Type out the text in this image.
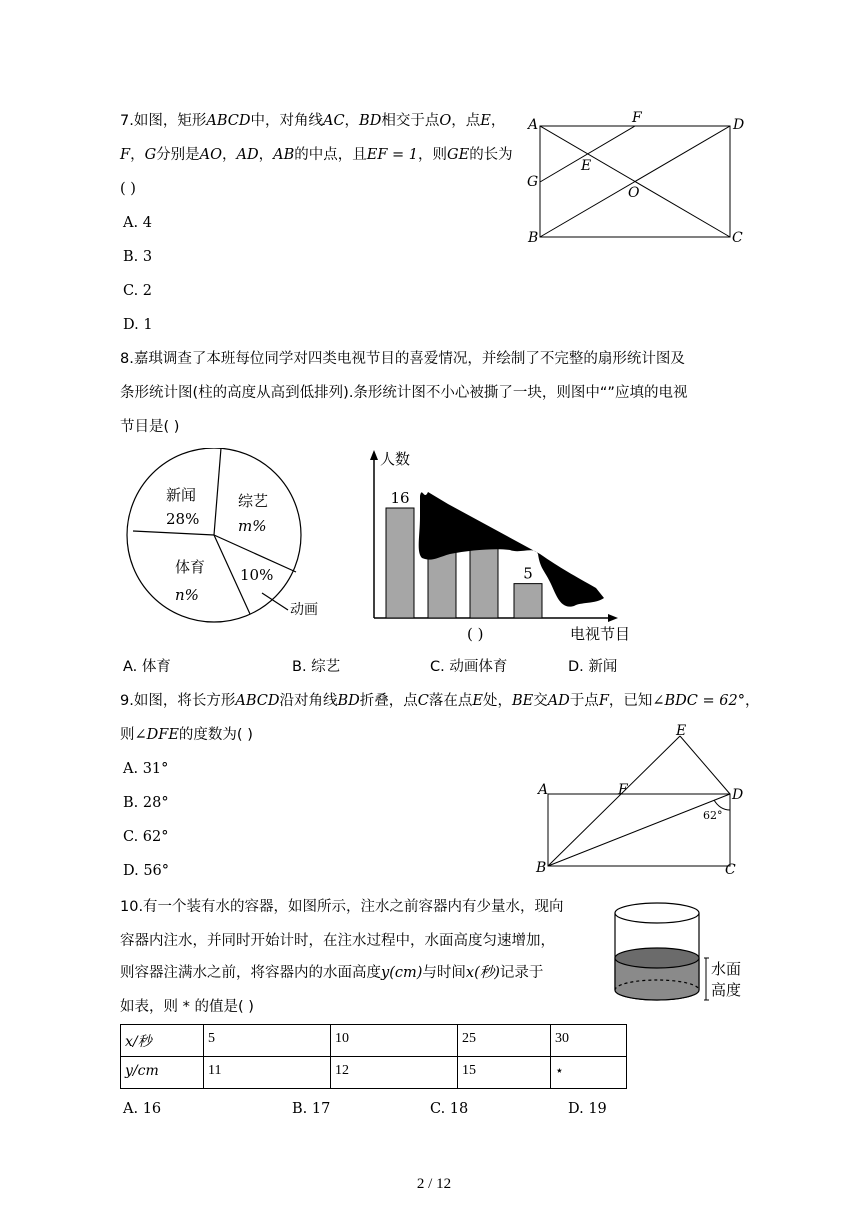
7.如图，矩形ABCD中，对角线AC，BD相交于点O，点E，
F，G分别是AO，AD，AB的中点，且EF = 1，则GE的长为
( )
A. 4
B. 3
C. 2
D. 1
A	D
F
G
E
O
B	C
8.嘉琪调查了本班每位同学对四类电视节目的喜爱情况，并绘制了不完整的扇形统计图及
条形统计图(柱的高度从高到低排列).条形统计图不小心被撕了一块，则图中“”应填的电视
节目是( )
新闻
28%
综艺
m%
体育
n%
10%
动画
人数
电视节目
16
5
( )
A. 体育	B. 综艺	C. 动画体育	D. 新闻
9.如图，将长方形ABCD沿对角线BD折叠，点C落在点E处，BE交AD于点F，已知∠BDC = 62°，
则∠DFE的度数为( )
A. 31°
B. 28°
C. 62°
D. 56°
A	F
E
D
62°
B	C
10.有一个装有水的容器，如图所示，注水之前容器内有少量水，现向
容器内注水，并同时开始计时，在注水过程中，水面高度匀速增加，
则容器注满水之前，将容器内的水面高度y(cm)与时间x(秒)记录于
如表，则 * 的值是( )
水面
高度
x/秒	5	10	25	30
y/cm	11	12	15	⋆
A. 16	B. 17	C. 18	D. 19
2 / 12
